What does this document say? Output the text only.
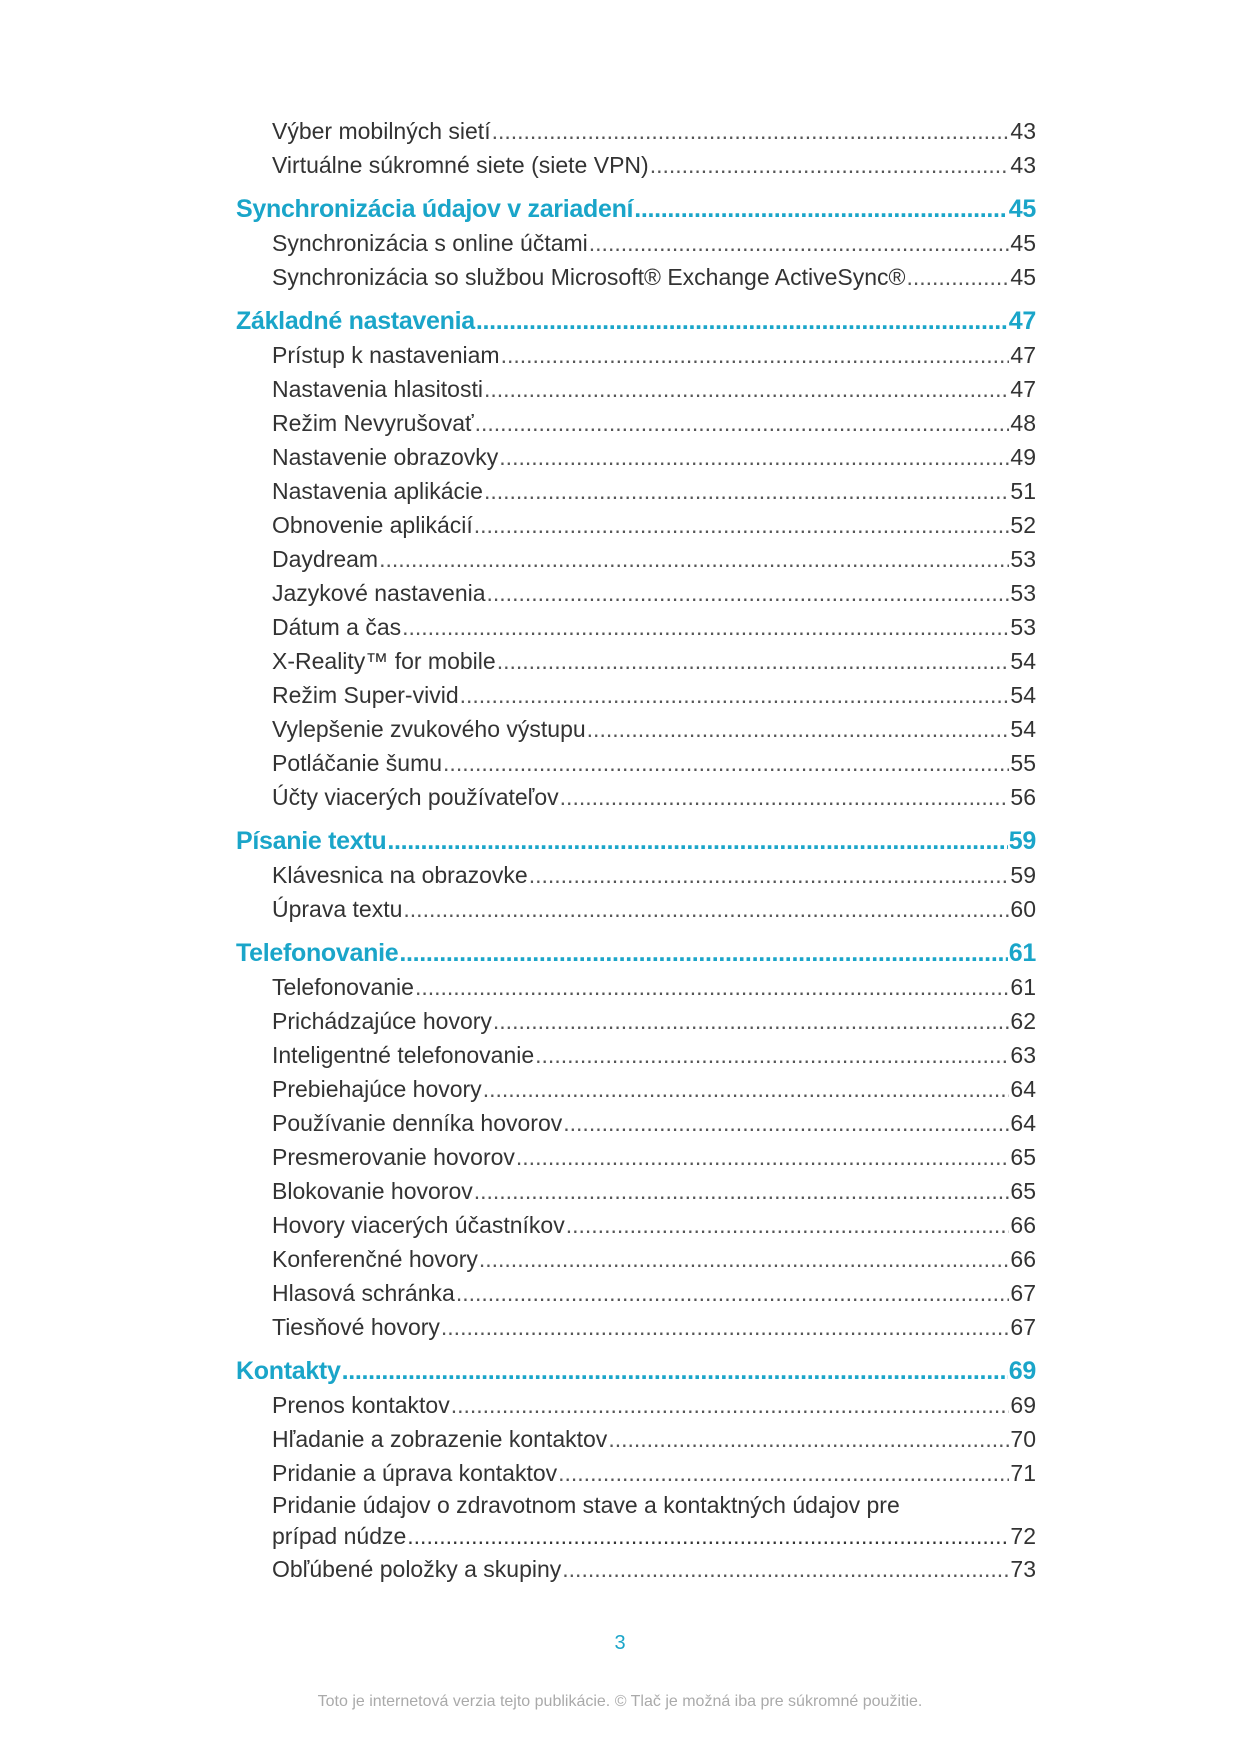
Výber mobilných sietí .....	43
Virtuálne súkromné siete (siete VPN) .....	43
Synchronizácia údajov v zariadení .....	45
Synchronizácia s online účtami .....	45
Synchronizácia so službou Microsoft® Exchange ActiveSync® .....	45
Základné nastavenia .....	47
Prístup k nastaveniam .....	47
Nastavenia hlasitosti .....	47
Režim Nevyrušovať .....	48
Nastavenie obrazovky .....	49
Nastavenia aplikácie .....	51
Obnovenie aplikácií .....	52
Daydream .....	53
Jazykové nastavenia .....	53
Dátum a čas .....	53
X-Reality™ for mobile .....	54
Režim Super-vivid .....	54
Vylepšenie zvukového výstupu .....	54
Potláčanie šumu .....	55
Účty viacerých používateľov .....	56
Písanie textu .....	59
Klávesnica na obrazovke .....	59
Úprava textu .....	60
Telefonovanie .....	61
Telefonovanie .....	61
Prichádzajúce hovory .....	62
Inteligentné telefonovanie .....	63
Prebiehajúce hovory .....	64
Používanie denníka hovorov .....	64
Presmerovanie hovorov .....	65
Blokovanie hovorov .....	65
Hovory viacerých účastníkov .....	66
Konferenčné hovory .....	66
Hlasová schránka .....	67
Tiesňové hovory .....	67
Kontakty .....	69
Prenos kontaktov .....	69
Hľadanie a zobrazenie kontaktov .....	70
Pridanie a úprava kontaktov .....	71
Pridanie údajov o zdravotnom stave a kontaktných údajov pre
prípad núdze .....	72
Obľúbené položky a skupiny .....	73
3
Toto je internetová verzia tejto publikácie. © Tlač je možná iba pre súkromné použitie.
